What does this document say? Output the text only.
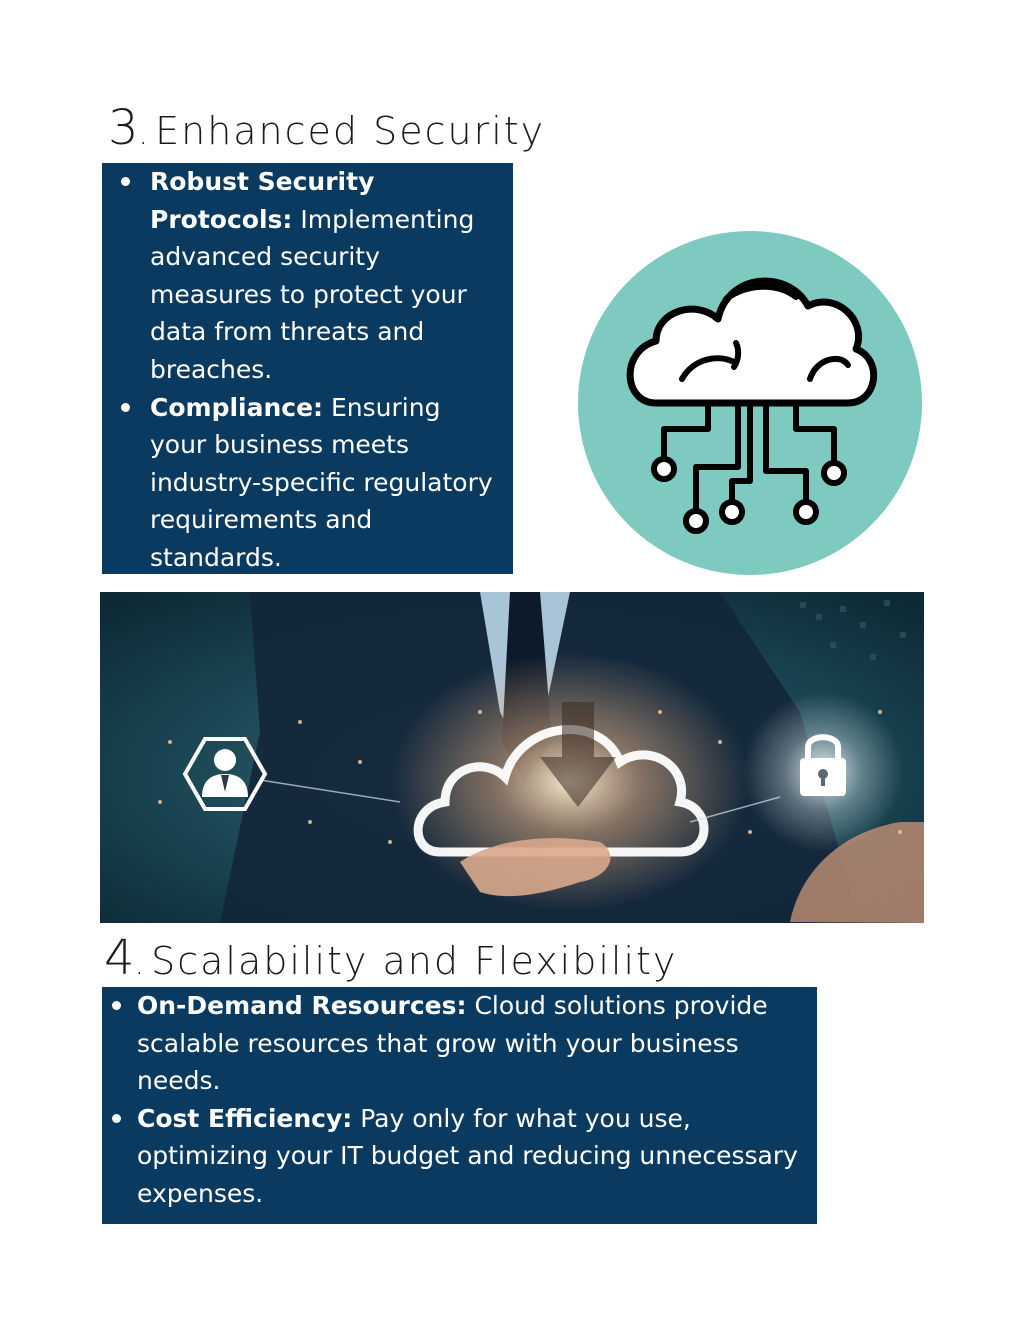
3 . Enhanced Security
Robust Security Protocols: Implementing advanced security measures to protect your data from threats and breaches.
Compliance: Ensuring your business meets industry-specific regulatory requirements and standards.
4 . Scalability and Flexibility
On-Demand Resources: Cloud solutions provide scalable resources that grow with your business needs.
Cost Efficiency: Pay only for what you use, optimizing your IT budget and reducing unnecessary expenses.
